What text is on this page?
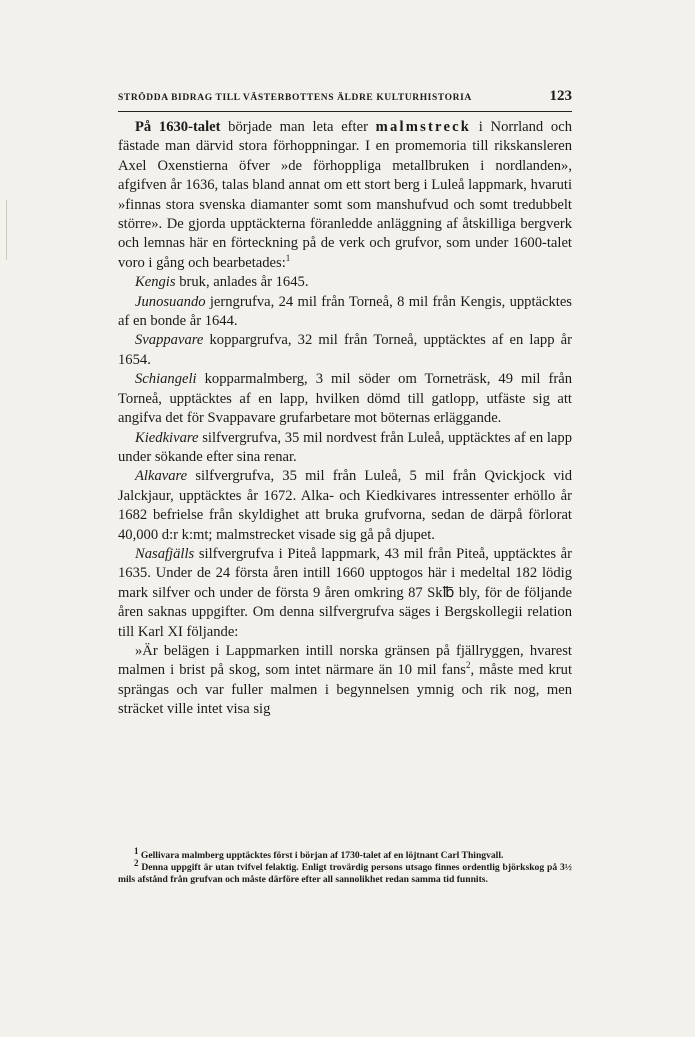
STRÖDDA BIDRAG TILL VÄSTERBOTTENS ÄLDRE KULTURHISTORIA	123

På 1630-talet började man leta efter malmstreck i Norrland och fästade man därvid stora förhoppningar. I en promemoria till rikskansleren Axel Oxenstierna öfver »de förhoppliga metallbruken i nordlanden», afgifven år 1636, talas bland annat om ett stort berg i Luleå lappmark, hvaruti »finnas stora svenska diamanter somt som manshufvud och somt tredubbelt större». De gjorda upptäckterna föranledde anläggning af åtskilliga bergverk och lemnas här en förteckning på de verk och grufvor, som under 1600-talet voro i gång och bearbetades:$^1$

Kengis bruk, anlades år 1645.

Junosuando jerngrufva, 24 mil från Torneå, 8 mil från Kengis, upptäcktes af en bonde år 1644.

Svappavare koppargrufva, 32 mil från Torneå, upptäcktes af en lapp år 1654.

Schiangeli kopparmalmberg, 3 mil söder om Torneträsk, 49 mil från Torneå, upptäcktes af en lapp, hvilken dömd till gatlopp, utfäste sig att angifva det för Svappavare grufarbetare mot böternas erläggande.

Kiedkivare silfvergrufva, 35 mil nordvest från Luleå, upptäcktes af en lapp under sökande efter sina renar.

Alkavare silfvergrufva, 35 mil från Luleå, 5 mil från Qvickjock vid Jalckjaur, upptäcktes år 1672. Alka- och Kiedkivares intressenter erhöllo år 1682 befrielse från skyldighet att bruka grufvorna, sedan de därpå förlorat 40,000 d:r k:mt; malmstrecket visade sig gå på djupet.

Nasafjälls silfvergrufva i Piteå lappmark, 43 mil från Piteå, upptäcktes år 1635. Under de 24 första åren intill 1660 upptogos här i medeltal 182 lödig mark silfver och under de första 9 åren omkring 87 Sk℔ bly, för de följande åren saknas uppgifter. Om denna silfvergrufva säges i Bergskollegii relation till Karl XI följande:

»Är belägen i Lappmarken intill norska gränsen på fjällryggen, hvarest malmen i brist på skog, som intet närmare än 10 mil fans$^2$, måste med krut sprängas och var fuller malmen i begynnelsen ymnig och rik nog, men sträcket ville intet visa sig

$^1$ Gellivara malmberg upptäcktes först i början af 1730-talet af en löjtnant Carl Thingvall.

$^2$ Denna uppgift är utan tvifvel felaktig. Enligt trovärdig persons utsago finnes ordentlig björkskog på 3½ mils afstånd från grufvan och måste därföre efter all sannolikhet redan samma tid funnits.
